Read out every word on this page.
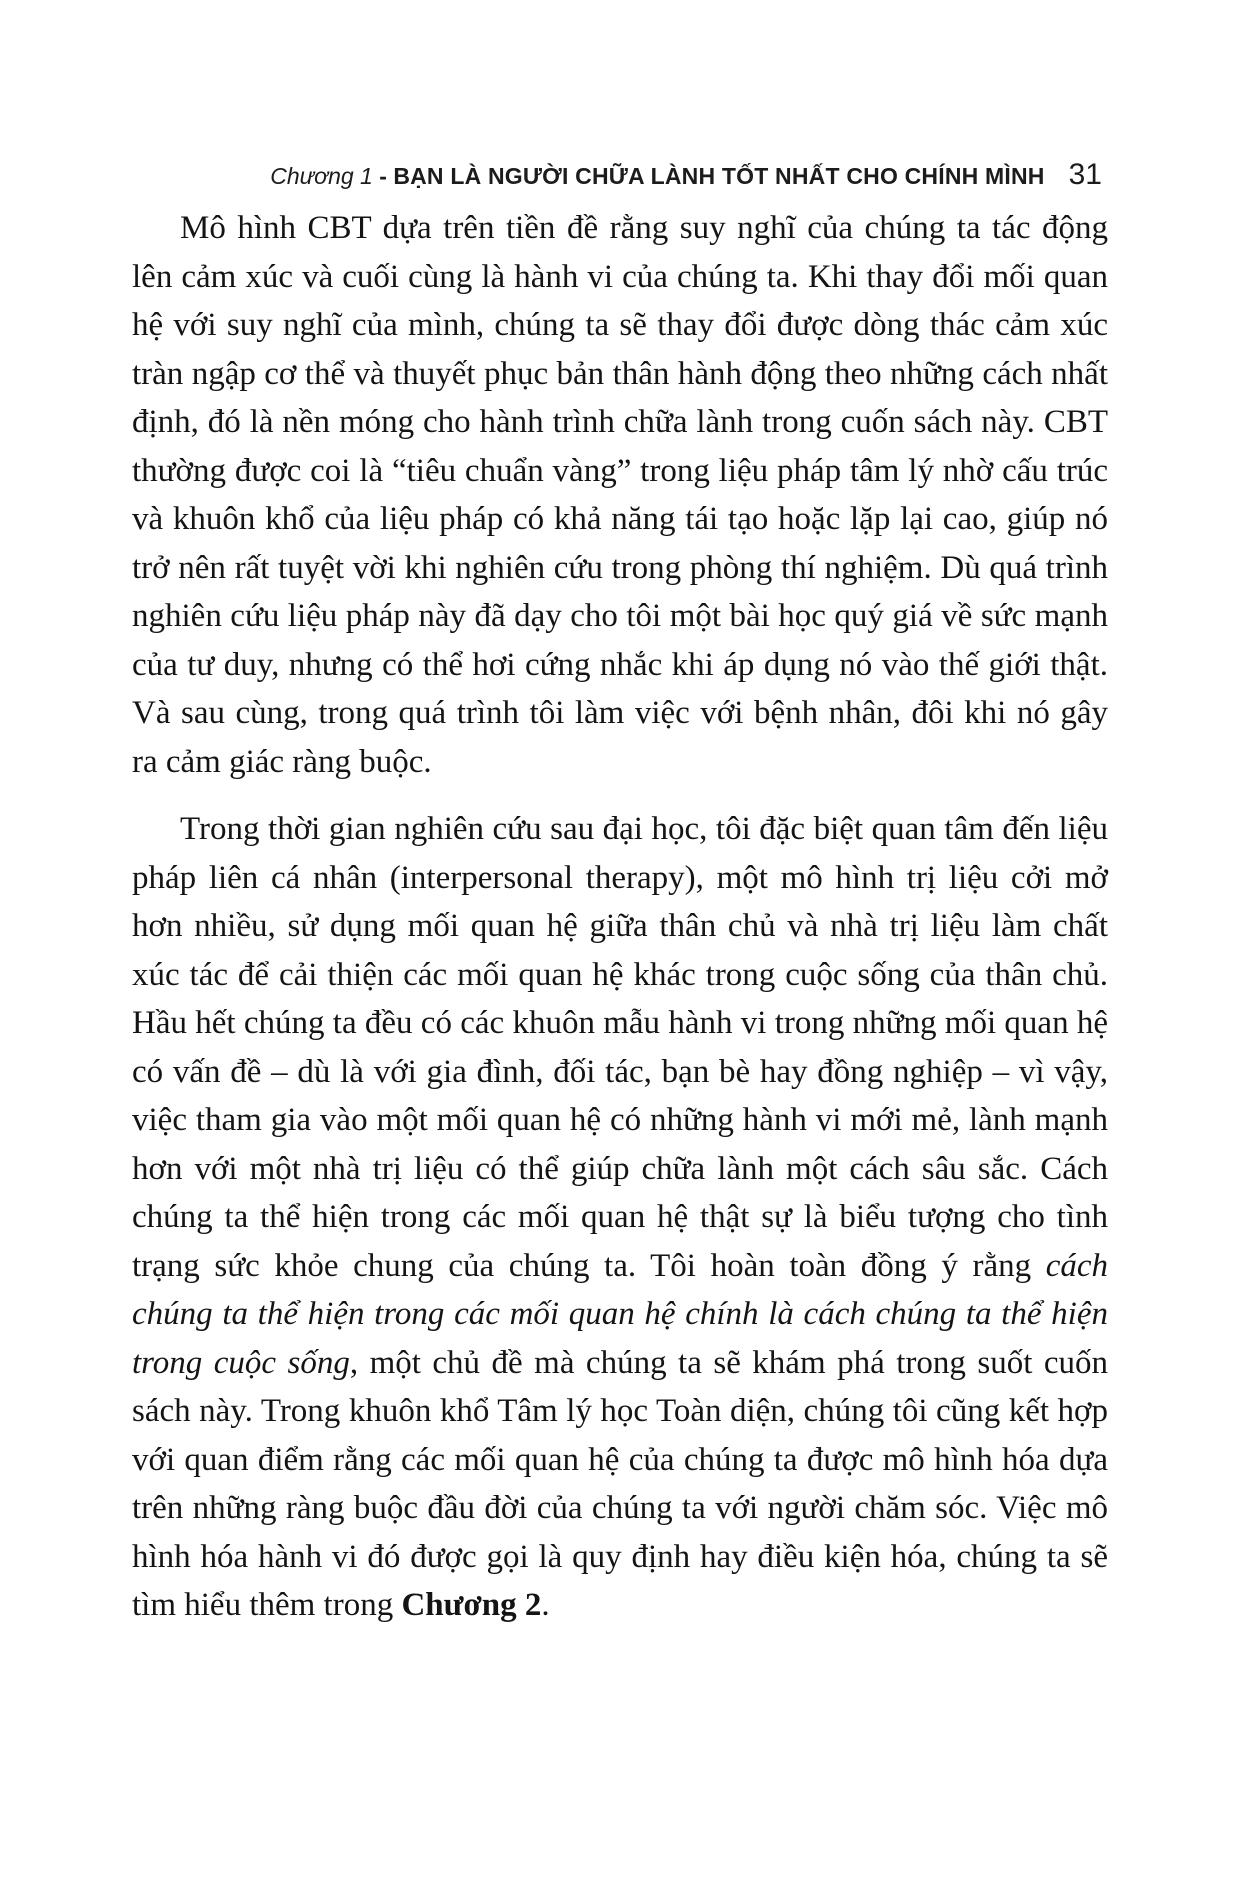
Chương 1 - BẠN LÀ NGƯỜI CHỮA LÀNH TỐT NHẤT CHO CHÍNH MÌNH 31

Mô hình CBT dựa trên tiền đề rằng suy nghĩ của chúng ta tác động lên cảm xúc và cuối cùng là hành vi của chúng ta. Khi thay đổi mối quan hệ với suy nghĩ của mình, chúng ta sẽ thay đổi được dòng thác cảm xúc tràn ngập cơ thể và thuyết phục bản thân hành động theo những cách nhất định, đó là nền móng cho hành trình chữa lành trong cuốn sách này. CBT thường được coi là “tiêu chuẩn vàng” trong liệu pháp tâm lý nhờ cấu trúc và khuôn khổ của liệu pháp có khả năng tái tạo hoặc lặp lại cao, giúp nó trở nên rất tuyệt vời khi nghiên cứu trong phòng thí nghiệm. Dù quá trình nghiên cứu liệu pháp này đã dạy cho tôi một bài học quý giá về sức mạnh của tư duy, nhưng có thể hơi cứng nhắc khi áp dụng nó vào thế giới thật. Và sau cùng, trong quá trình tôi làm việc với bệnh nhân, đôi khi nó gây ra cảm giác ràng buộc.

Trong thời gian nghiên cứu sau đại học, tôi đặc biệt quan tâm đến liệu pháp liên cá nhân (interpersonal therapy), một mô hình trị liệu cởi mở hơn nhiều, sử dụng mối quan hệ giữa thân chủ và nhà trị liệu làm chất xúc tác để cải thiện các mối quan hệ khác trong cuộc sống của thân chủ. Hầu hết chúng ta đều có các khuôn mẫu hành vi trong những mối quan hệ có vấn đề – dù là với gia đình, đối tác, bạn bè hay đồng nghiệp – vì vậy, việc tham gia vào một mối quan hệ có những hành vi mới mẻ, lành mạnh hơn với một nhà trị liệu có thể giúp chữa lành một cách sâu sắc. Cách chúng ta thể hiện trong các mối quan hệ thật sự là biểu tượng cho tình trạng sức khỏe chung của chúng ta. Tôi hoàn toàn đồng ý rằng cách chúng ta thể hiện trong các mối quan hệ chính là cách chúng ta thể hiện trong cuộc sống, một chủ đề mà chúng ta sẽ khám phá trong suốt cuốn sách này. Trong khuôn khổ Tâm lý học Toàn diện, chúng tôi cũng kết hợp với quan điểm rằng các mối quan hệ của chúng ta được mô hình hóa dựa trên những ràng buộc đầu đời của chúng ta với người chăm sóc. Việc mô hình hóa hành vi đó được gọi là quy định hay điều kiện hóa, chúng ta sẽ tìm hiểu thêm trong Chương 2.
